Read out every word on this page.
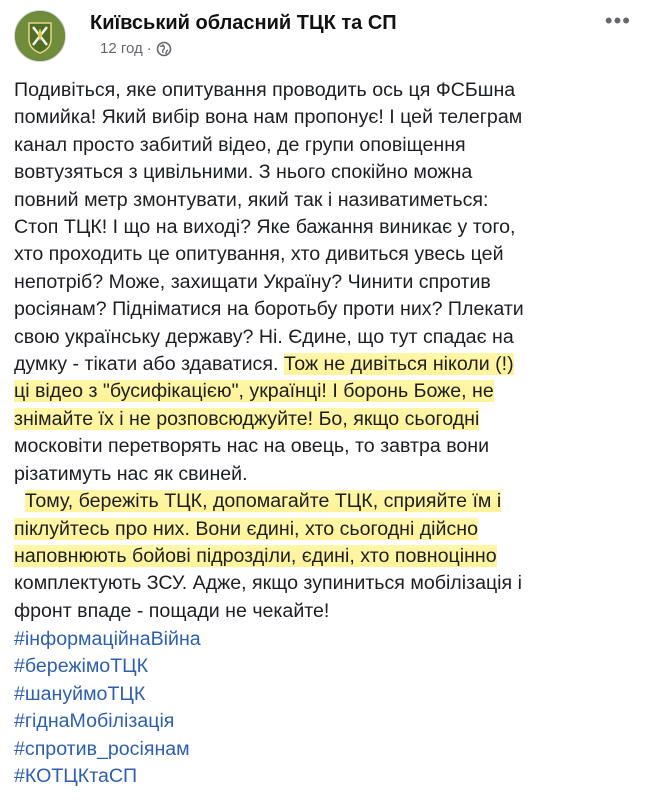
Київський обласний ТЦК та СП
12 год ·
•••

Подивіться, яке опитування проводить ось ця ФСБшна

помийка! Який вибір вона нам пропонує! І цей телеграм

канал просто забитий відео, де групи оповіщення

вовтузяться з цивільними. З нього спокійно можна

повний метр змонтувати, який так і називатиметься:

Стоп ТЦК! І що на виході? Яке бажання виникає у того,

хто проходить це опитування, хто дивиться увесь цей

непотріб? Може, захищати Україну? Чинити спротив

росіянам? Підніматися на боротьбу проти них? Плекати

свою українську державу? Ні. Єдине, що тут спадає на

думку - тікати або здаватися. Тож не дивіться ніколи (!)

ці відео з "бусифікацією", українці! І боронь Боже, не

знімайте їх і не розповсюджуйте! Бо, якщо сьогодні

московіти перетворять нас на овець, то завтра вони

різатимуть нас як свиней.

Тому, бережіть ТЦК, допомагайте ТЦК, сприяйте їм і

піклуйтесь про них. Вони єдині, хто сьогодні дійсно

наповнюють бойові підрозділи, єдині, хто повноцінно

комплектують ЗСУ. Адже, якщо зупиниться мобілізація і

фронт впаде - пощади не чекайте!

#інформаційнаВійна
#бережімоТЦК
#шануймоТЦК
#гіднаМобілізація
#спротив_росіянам
#КОТЦКтаСП
